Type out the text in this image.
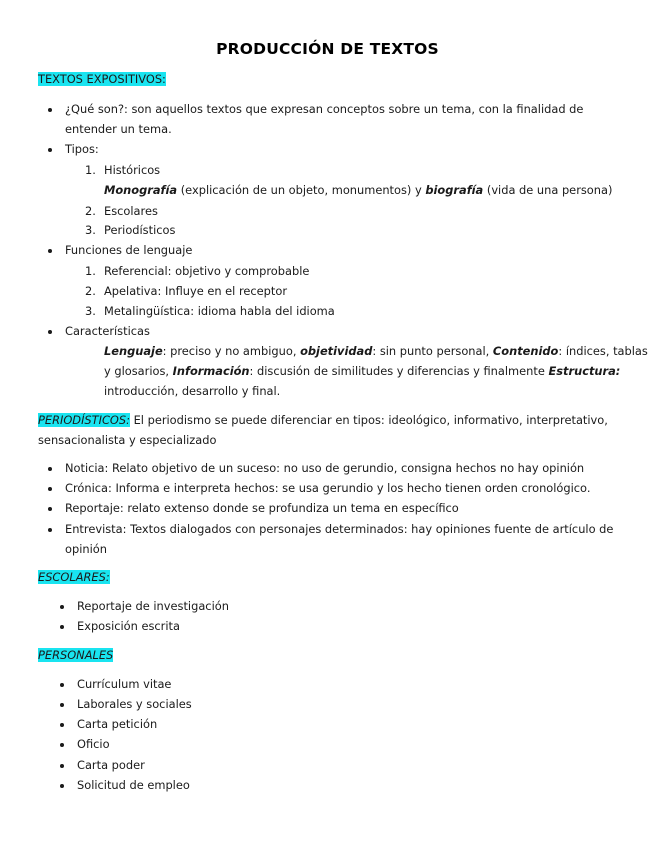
PRODUCCIÓN DE TEXTOS
TEXTOS EXPOSITIVOS:
¿Qué son?: son aquellos textos que expresan conceptos sobre un tema, con la finalidad de
entender un tema.
Tipos:
1. Históricos
Monografía (explicación de un objeto, monumentos) y biografía (vida de una persona)
2. Escolares
3. Periodísticos
Funciones de lenguaje
1. Referencial: objetivo y comprobable
2. Apelativa: Influye en el receptor
3. Metalingüística: idioma habla del idioma
Características
Lenguaje: preciso y no ambiguo, objetividad: sin punto personal, Contenido: índices, tablas
y glosarios, Información: discusión de similitudes y diferencias y finalmente Estructura:
introducción, desarrollo y final.
PERIODÍSTICOS: El periodismo se puede diferenciar en tipos: ideológico, informativo, interpretativo,
sensacionalista y especializado
Noticia: Relato objetivo de un suceso: no uso de gerundio, consigna hechos no hay opinión
Crónica: Informa e interpreta hechos: se usa gerundio y los hecho tienen orden cronológico.
Reportaje: relato extenso donde se profundiza un tema en específico
Entrevista: Textos dialogados con personajes determinados: hay opiniones fuente de artículo de
opinión
ESCOLARES:
Reportaje de investigación
Exposición escrita
PERSONALES
Currículum vitae
Laborales y sociales
Carta petición
Oficio
Carta poder
Solicitud de empleo
